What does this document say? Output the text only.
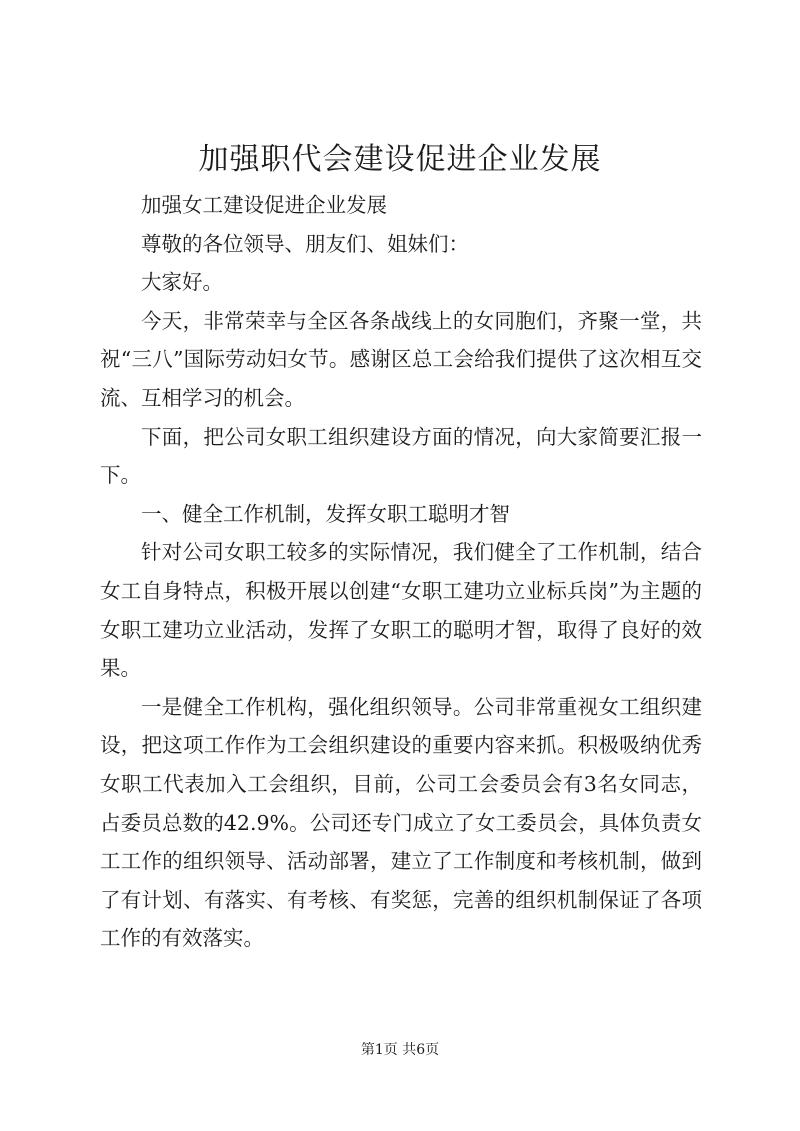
加强职代会建设促进企业发展

加强女工建设促进企业发展

尊敬的各位领导、朋友们、姐妹们：

大家好。

今天，非常荣幸与全区各条战线上的女同胞们，齐聚一堂，共祝“三八”国际劳动妇女节。感谢区总工会给我们提供了这次相互交流、互相学习的机会。

下面，把公司女职工组织建设方面的情况，向大家简要汇报一下。

一、健全工作机制，发挥女职工聪明才智

针对公司女职工较多的实际情况，我们健全了工作机制，结合女工自身特点，积极开展以创建“女职工建功立业标兵岗”为主题的女职工建功立业活动，发挥了女职工的聪明才智，取得了良好的效果。

一是健全工作机构，强化组织领导。公司非常重视女工组织建设，把这项工作作为工会组织建设的重要内容来抓。积极吸纳优秀女职工代表加入工会组织，目前，公司工会委员会有3名女同志，占委员总数的42.9%。公司还专门成立了女工委员会，具体负责女工工作的组织领导、活动部署，建立了工作制度和考核机制，做到了有计划、有落实、有考核、有奖惩，完善的组织机制保证了各项工作的有效落实。

第1页 共6页
